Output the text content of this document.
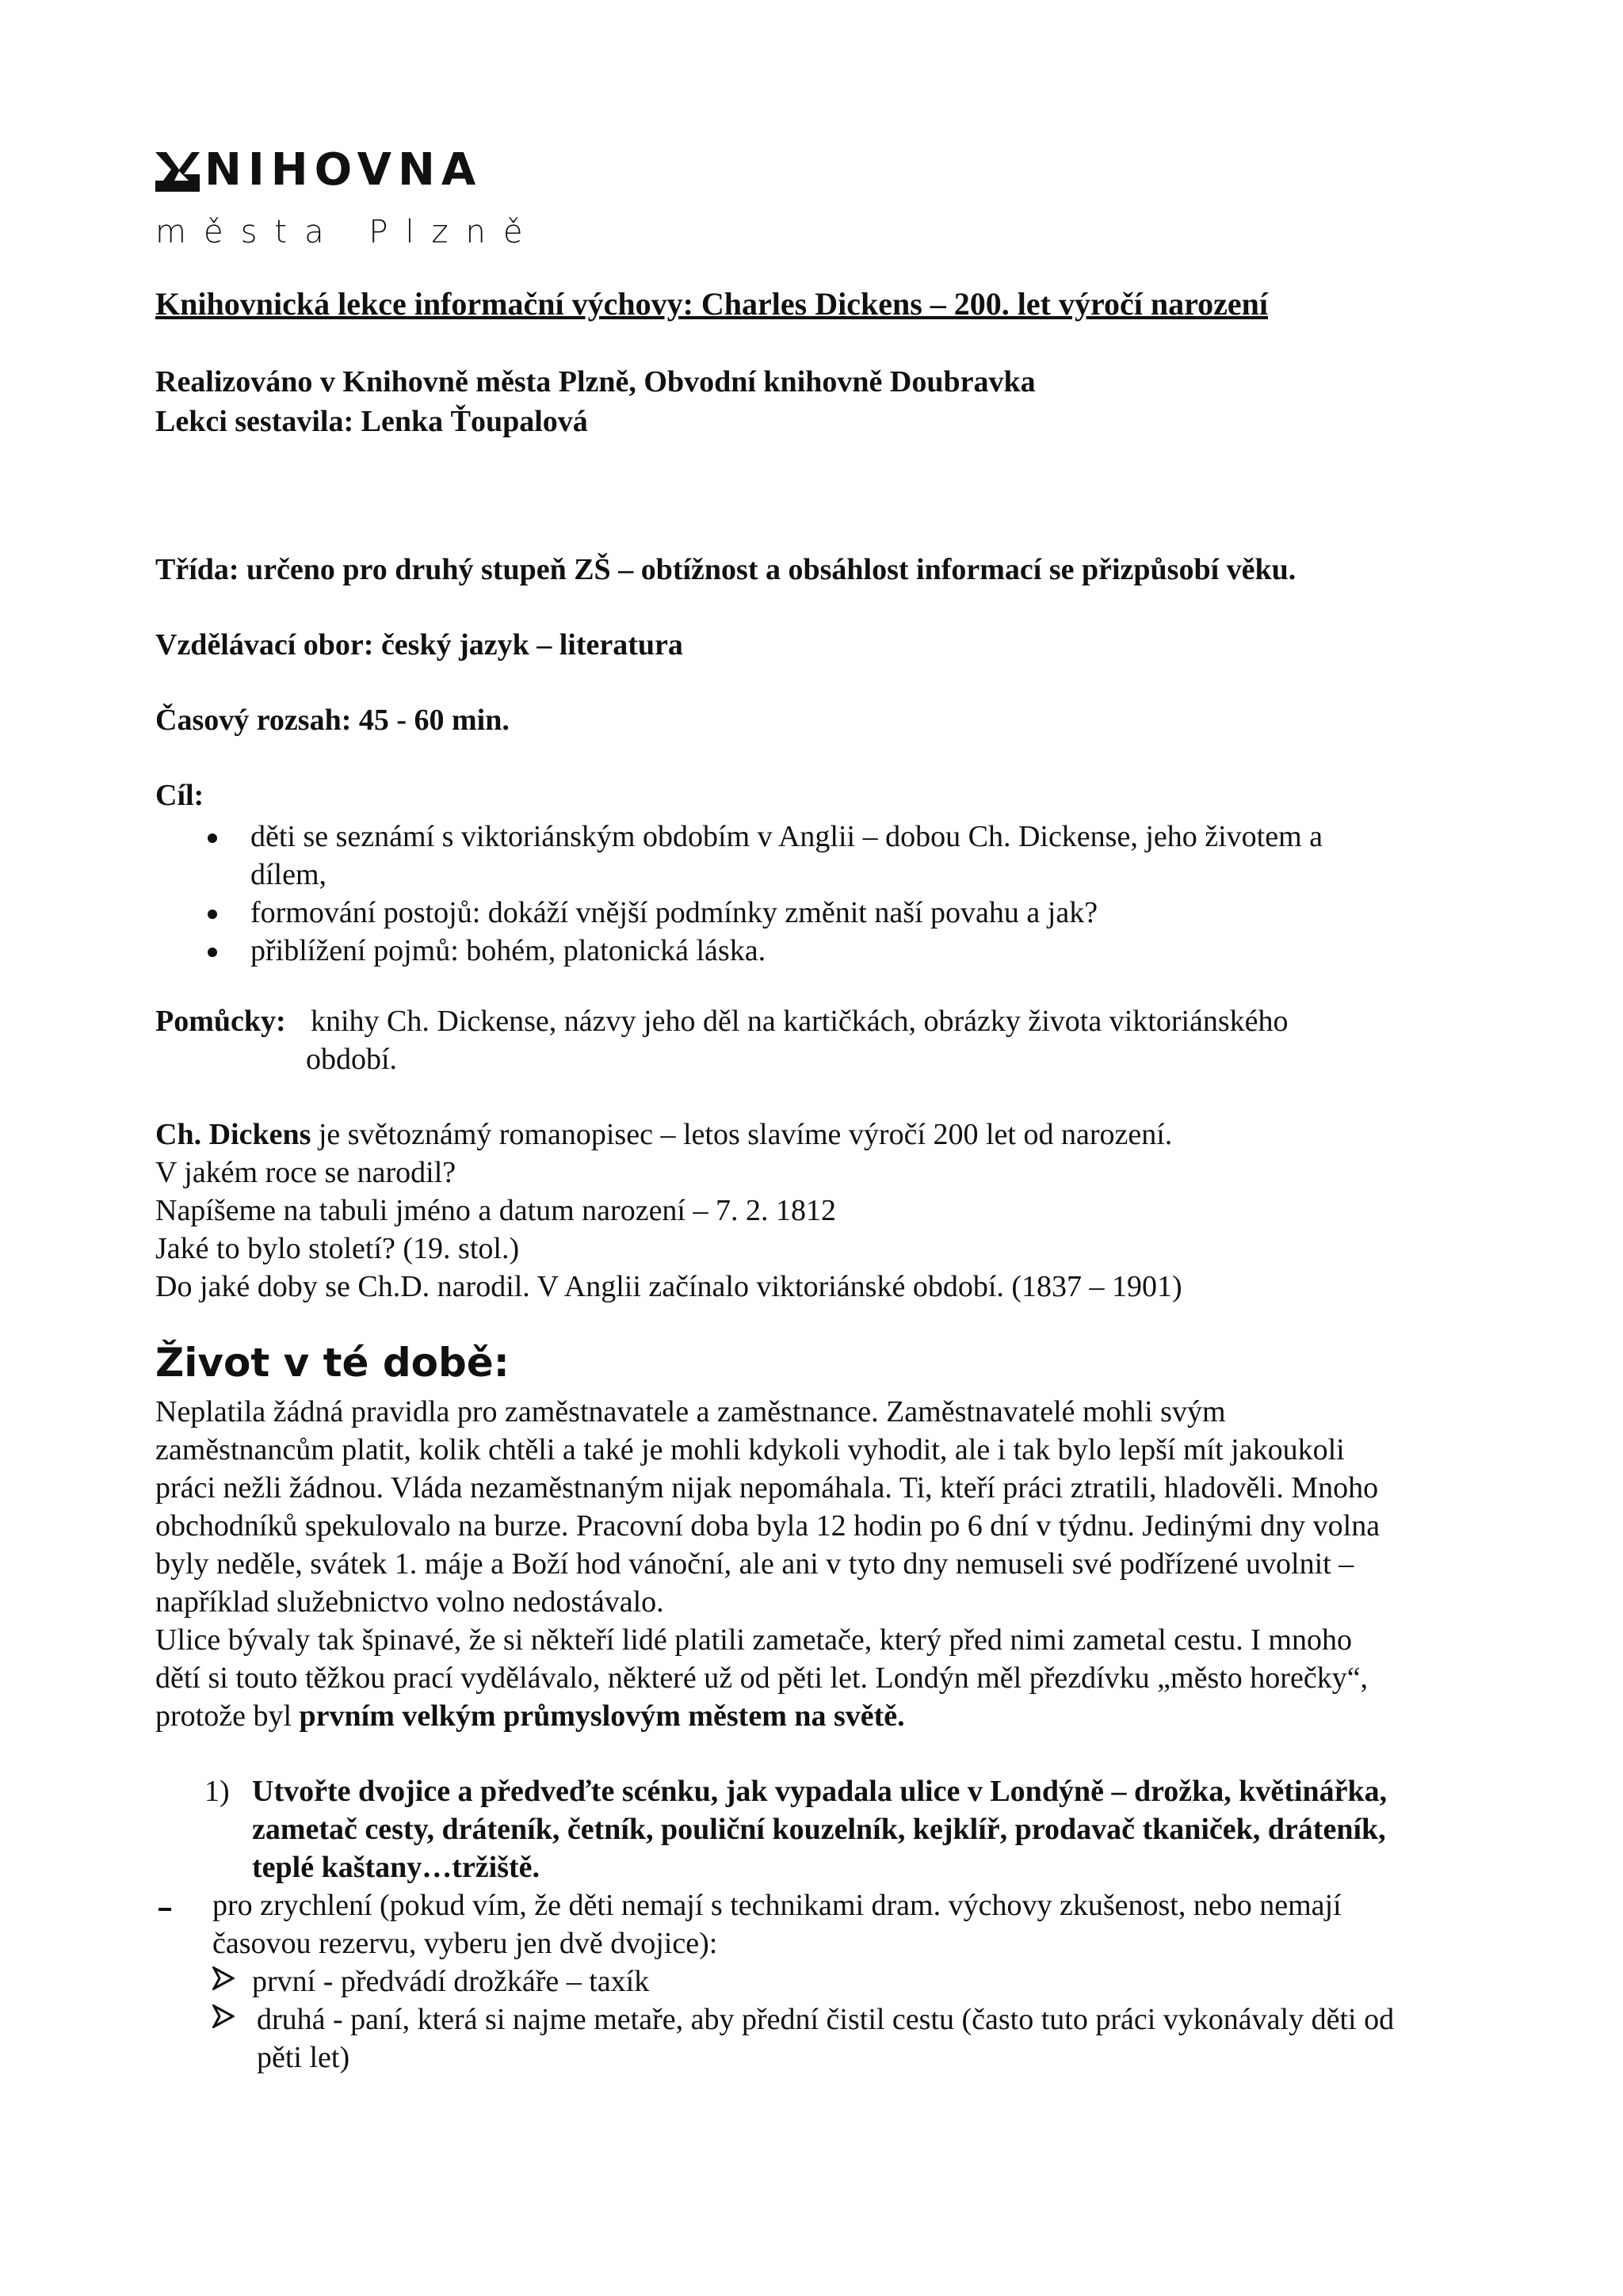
NIHOVNA
města Plzně
Knihovnická lekce informační výchovy: Charles Dickens – 200. let výročí narození
Realizováno v Knihovně města Plzně, Obvodní knihovně Doubravka
Lekci sestavila: Lenka Ťoupalová
Třída: určeno pro druhý stupeň ZŠ – obtížnost a obsáhlost informací se přizpůsobí věku.
Vzdělávací obor: český jazyk – literatura
Časový rozsah: 45 - 60 min.
Cíl:
děti se seznámí s viktoriánským obdobím v Anglii – dobou Ch. Dickense, jeho životem a
dílem,
formování postojů: dokáží vnější podmínky změnit naší povahu a jak?
přiblížení pojmů: bohém, platonická láska.
Pomůcky: knihy Ch. Dickense, názvy jeho děl na kartičkách, obrázky života viktoriánského
období.
Ch. Dickens je světoznámý romanopisec – letos slavíme výročí 200 let od narození.
V jakém roce se narodil?
Napíšeme na tabuli jméno a datum narození – 7. 2. 1812
Jaké to bylo století? (19. stol.)
Do jaké doby se Ch.D. narodil. V Anglii začínalo viktoriánské období. (1837 – 1901)
Život v té době:
Neplatila žádná pravidla pro zaměstnavatele a zaměstnance. Zaměstnavatelé mohli svým
zaměstnancům platit, kolik chtěli a také je mohli kdykoli vyhodit, ale i tak bylo lepší mít jakoukoli
práci nežli žádnou. Vláda nezaměstnaným nijak nepomáhala. Ti, kteří práci ztratili, hladověli. Mnoho
obchodníků spekulovalo na burze. Pracovní doba byla 12 hodin po 6 dní v týdnu. Jedinými dny volna
byly neděle, svátek 1. máje a Boží hod vánoční, ale ani v tyto dny nemuseli své podřízené uvolnit –
například služebnictvo volno nedostávalo.
Ulice bývaly tak špinavé, že si někteří lidé platili zametače, který před nimi zametal cestu. I mnoho
dětí si touto těžkou prací vydělávalo, některé už od pěti let. Londýn měl přezdívku „město horečky“,
protože byl prvním velkým průmyslovým městem na světě.
1) Utvořte dvojice a předveďte scénku, jak vypadala ulice v Londýně – drožka, květinářka,
zametač cesty, dráteník, četník, pouliční kouzelník, kejklíř, prodavač tkaniček, dráteník,
teplé kaštany…tržiště.
pro zrychlení (pokud vím, že děti nemají s technikami dram. výchovy zkušenost, nebo nemají
časovou rezervu, vyberu jen dvě dvojice):
první - předvádí drožkáře – taxík
druhá - paní, která si najme metaře, aby přední čistil cestu (často tuto práci vykonávaly děti od
pěti let)
